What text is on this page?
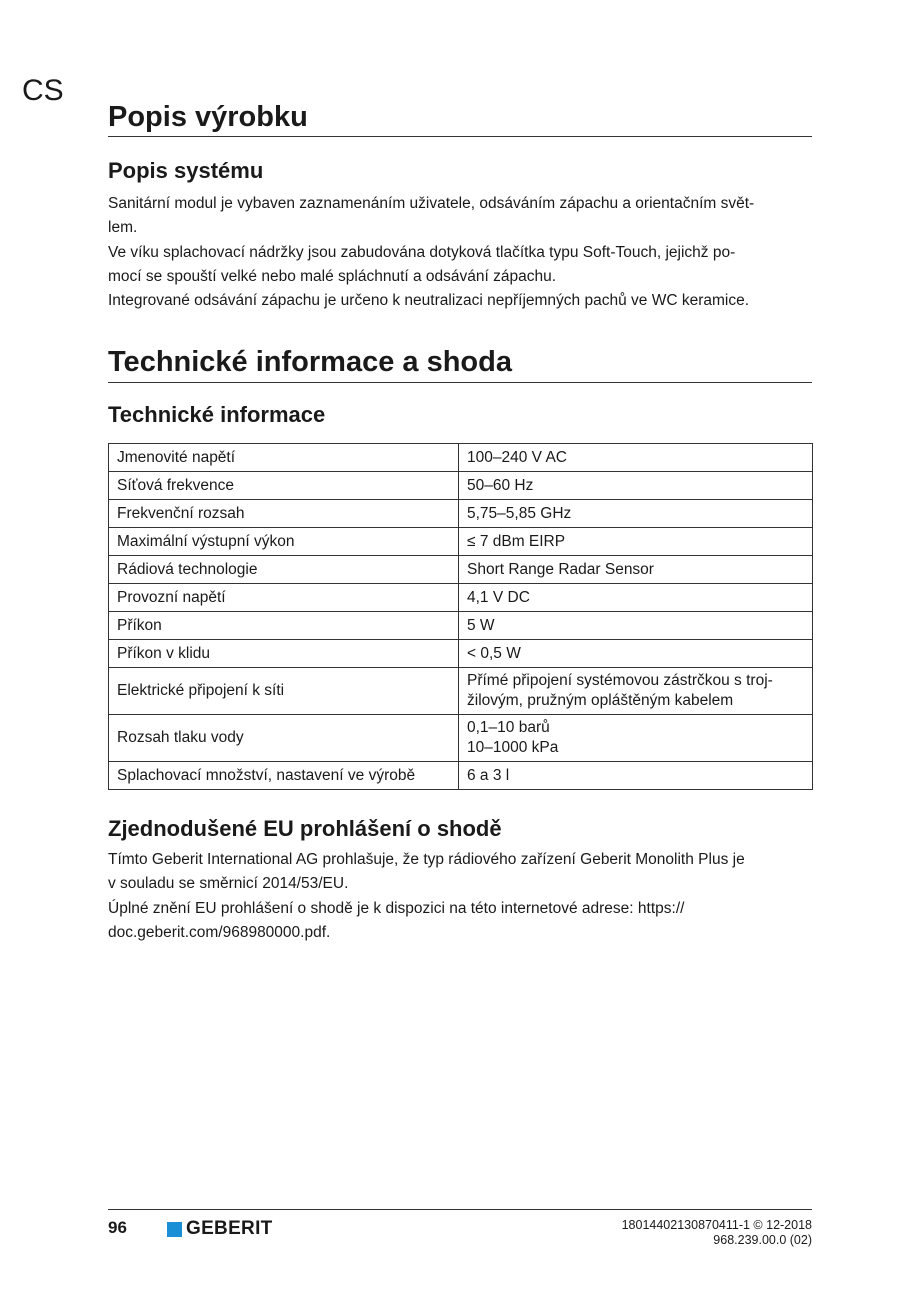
CS
Popis výrobku
Popis systému
Sanitární modul je vybaven zaznamenáním uživatele, odsáváním zápachu a orientačním svět-
lem.
Ve víku splachovací nádržky jsou zabudována dotyková tlačítka typu Soft-Touch, jejichž po-
mocí se spouští velké nebo malé spláchnutí a odsávání zápachu.
Integrované odsávání zápachu je určeno k neutralizaci nepříjemných pachů ve WC keramice.
Technické informace a shoda
Technické informace
Jmenovité napětí	100–240 V AC

Síťová frekvence	50–60 Hz

Frekvenční rozsah	5,75–5,85 GHz

Maximální výstupní výkon	≤ 7 dBm EIRP

Rádiová technologie	Short Range Radar Sensor

Provozní napětí	4,1 V DC

Příkon	5 W

Příkon v klidu	< 0,5 W

Elektrické připojení k síti	Přímé připojení systémovou zástrčkou s troj-
žilovým, pružným opláštěným kabelem

Rozsah tlaku vody	0,1–10 barů
10–1000 kPa

Splachovací množství, nastavení ve výrobě	6 a 3 l
Zjednodušené EU prohlášení o shodě
Tímto Geberit International AG prohlašuje, že typ rádiového zařízení Geberit Monolith Plus je
v souladu se směrnicí 2014/53/EU.
Úplné znění EU prohlášení o shodě je k dispozici na této internetové adrese: https://
doc.geberit.com/968980000.pdf.
96	GEBERIT	18014402130870411-1 © 12-2018
968.239.00.0 (02)
